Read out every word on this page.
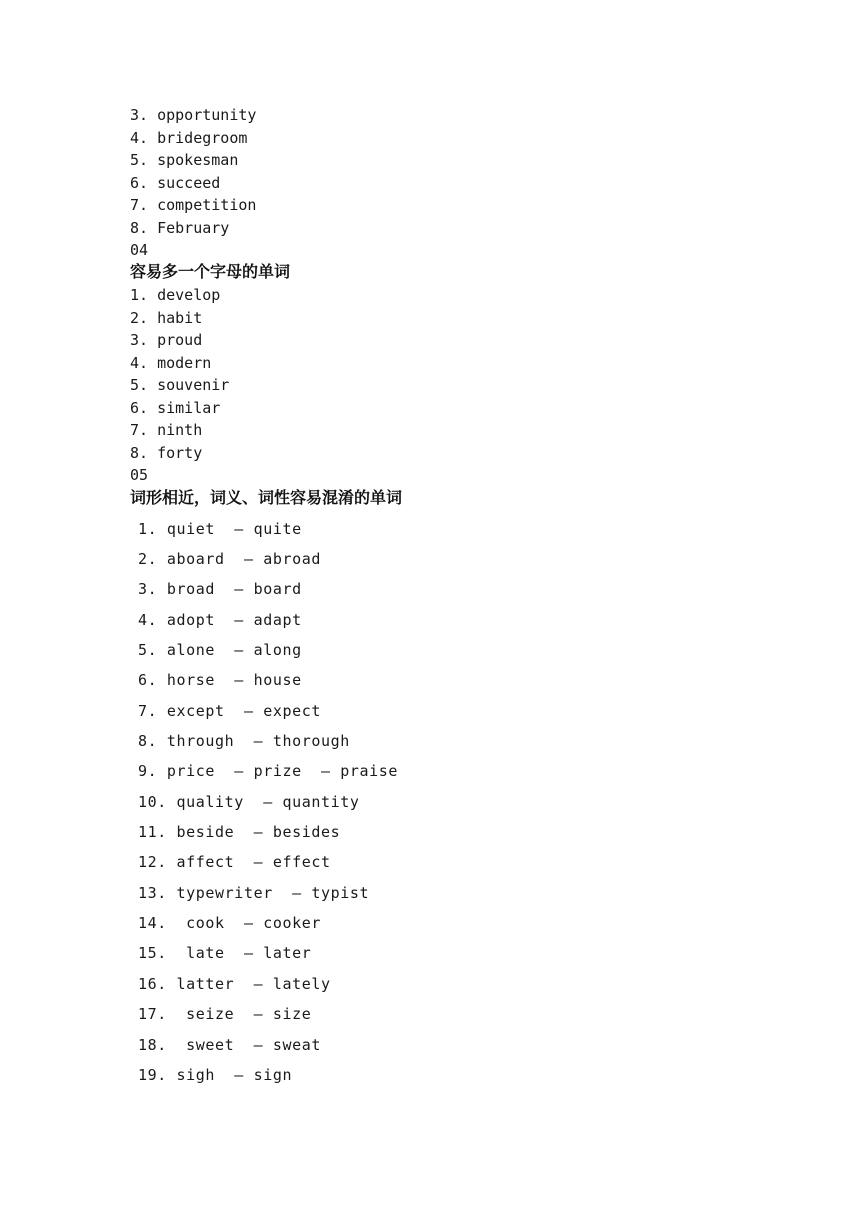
3. opportunity
4. bridegroom
5. spokesman
6. succeed
7. competition
8. February
04
容易多一个字母的单词
1. develop
2. habit
3. proud
4. modern
5. souvenir
6. similar
7. ninth
8. forty
05
词形相近，词义、词性容易混淆的单词
1. quiet  — quite
2. aboard  — abroad
3. broad  — board
4. adopt  — adapt
5. alone  — along
6. horse  — house
7. except  — expect
8. through  — thorough
9. price  — prize  — praise
10. quality  — quantity
11. beside  — besides
12. affect  — effect
13. typewriter  — typist
14.  cook  — cooker
15.  late  — later
16. latter  — lately
17.  seize  — size
18.  sweet  — sweat
19. sigh  — sign
